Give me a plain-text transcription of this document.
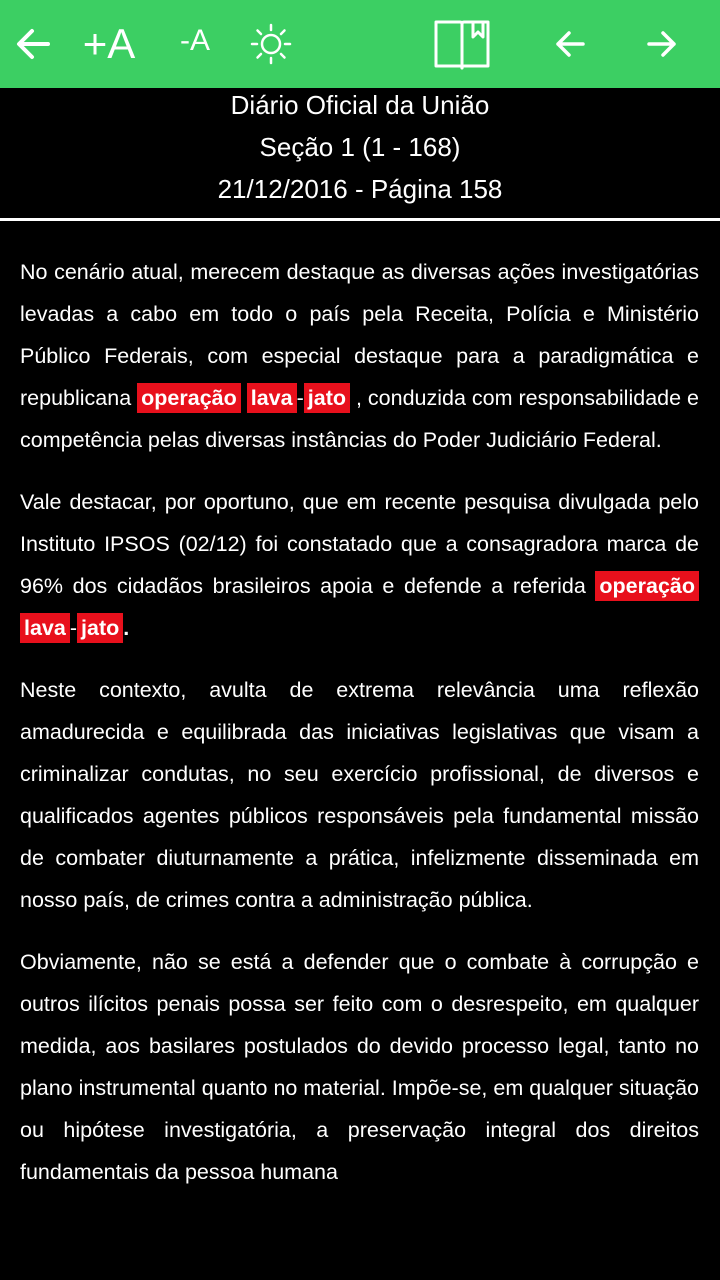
+A -A
Diário Oficial da União
Seção 1 (1 - 168)
21/12/2016 - Página 158

No cenário atual, merecem destaque as diversas ações investigatórias levadas a cabo em todo o país pela Receita, Polícia e Ministério Público Federais, com especial destaque para a paradigmática e republicana operação lava - jato , conduzida com responsabilidade e competência pelas diversas instâncias do Poder Judiciário Federal.

Vale destacar, por oportuno, que em recente pesquisa divulgada pelo Instituto IPSOS (02/12) foi constatado que a consagradora marca de 96% dos cidadãos brasileiros apoia e defende a referida operação lava - jato .

Neste contexto, avulta de extrema relevância uma reflexão amadurecida e equilibrada das iniciativas legislativas que visam a criminalizar condutas, no seu exercício profissional, de diversos e qualificados agentes públicos responsáveis pela fundamental missão de combater diuturnamente a prática, infelizmente disseminada em nosso país, de crimes contra a administração pública.

Obviamente, não se está a defender que o combate à corrupção e outros ilícitos penais possa ser feito com o desrespeito, em qualquer medida, aos basilares postulados do devido processo legal, tanto no plano instrumental quanto no material. Impõe-se, em qualquer situação ou hipótese investigatória, a preservação integral dos direitos fundamentais da pessoa humana
